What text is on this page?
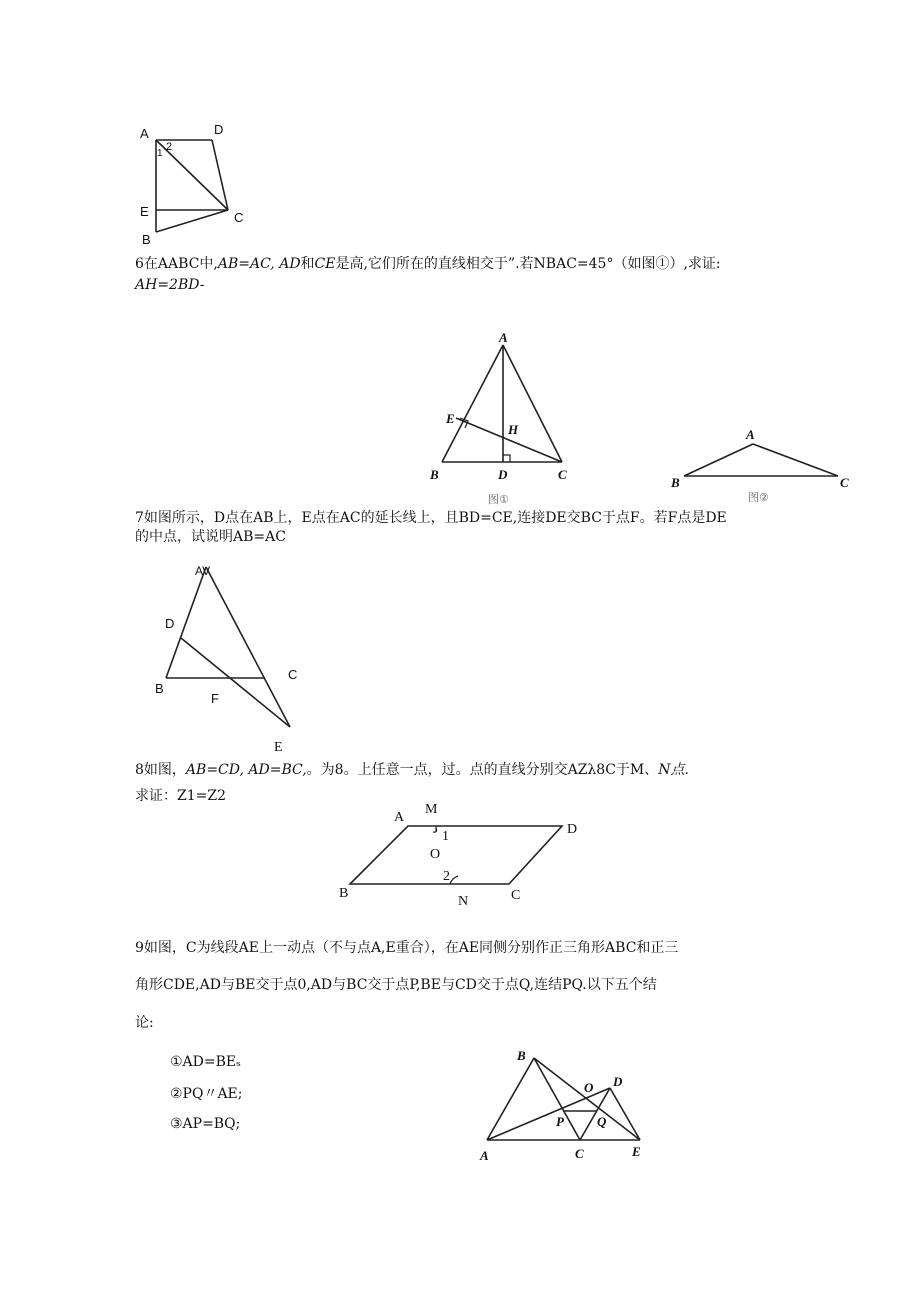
A	D
2
1
E	C
B
6在AABC中,AB=AC, AD和CE是高,它们所在的直线相交于”.若NBAC=45°（如图①）,求证:
AH=2BD-
A
E
H
B	D	C
图①
A
B	C
图②
7如图所示，D点在AB上，E点在AC的延长线上，且BD=CE,连接DE交BC于点F。若F点是DE
的中点，试说明AB=AC
AV
D
C
B
F
E
8如图，AB=CD, AD=BC,。为8。上任意一点，过。点的直线分别交AZλ8C于M、N点.
求证：Z1=Z2
A
M
D
1
O
2
B
N	C
9如图，C为线段AE上一动点（不与点A,E重合），在AE同侧分别作正三角形ABC和正三
角形CDE,AD与BE交于点0,AD与BC交于点P,BE与CD交于点Q,连结PQ.以下五个结
论:
①AD=BEₛ
②PQ〃AE;
③AP=BQ;
B
O D
P	Q
A	C	E
